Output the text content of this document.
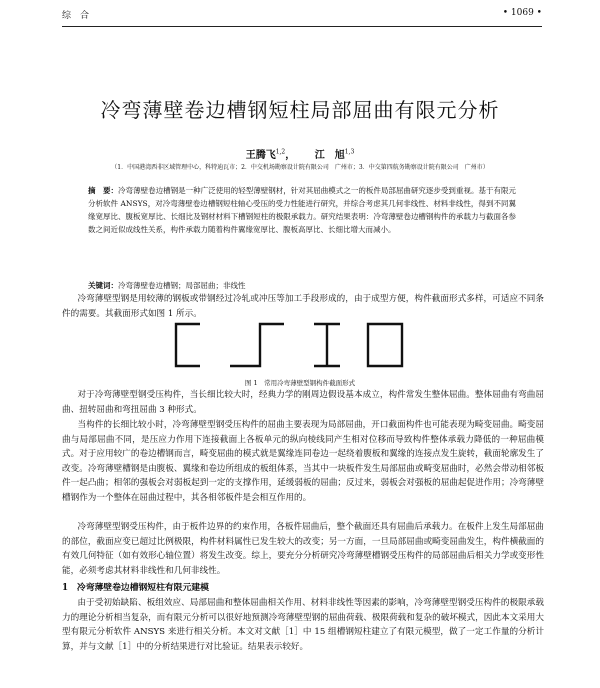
综合	• 1069 •
冷弯薄壁卷边槽钢短柱局部屈曲有限元分析
王腾飞$^{1,2}$， 江　旭$^{1,3}$
（1．中国港湾西非区域管理中心，科特迪瓦市；2．中交机场勘察设计院有限公司　广州市；3．中交第四航务勘察设计院有限公司　广州市）
摘　要：冷弯薄壁卷边槽钢是一种广泛使用的轻型薄壁钢材，针对其屈曲模式之一的板件局部屈曲研究逐步受到重视。基于有限元分析软件 ANSYS，对冷弯薄壁卷边槽钢短柱轴心受压的受力性能进行研究，并综合考虑其几何非线性、材料非线性，得到不同翼缘宽厚比、腹板宽厚比、长细比及钢材材料下槽钢短柱的极限承载力。研究结果表明：冷弯薄壁卷边槽钢构件的承载力与截面各参数之间近似成线性关系，构件承载力随着构件翼缘宽厚比、腹板高厚比、长细比增大而减小。
关键词：冷弯薄壁卷边槽钢；局部屈曲；非线性

冷弯薄壁型钢是用较薄的钢板或带钢经过冷轧或冲压等加工手段形成的，由于成型方便，构件截面形式多样，可适应不同条件的需要。其截面形式如图 1 所示。

图 1　常用冷弯薄壁型钢构件截面形式

对于冷弯薄壁型钢受压构件，当长细比较大时，经典力学的刚周边假设基本成立，构件常发生整体屈曲。整体屈曲有弯曲屈曲、扭转屈曲和弯扭屈曲 3 种形式。

当构件的长细比较小时，冷弯薄壁型钢受压构件的屈曲主要表现为局部屈曲，开口截面构件也可能表现为畸变屈曲。畸变屈曲与局部屈曲不同，是压应力作用下连接截面上各板单元的纵向棱线同产生相对位移而导致构件整体承载力降低的一种屈曲模式。对于应用较广的卷边槽钢而言，畸变屈曲的模式就是翼缘连同卷边一起绕着腹板和翼缘的连接点发生旋转，截面轮廓发生了改变。冷弯薄壁槽钢是由腹板、翼缘和卷边所组成的板组体系，当其中一块板件发生局部屈曲或畸变屈曲时，必然会带动相邻板件一起凸曲；相邻的强板会对弱板起到一定的支撑作用，延缓弱板的屈曲；反过来，弱板会对强板的屈曲起促进作用；冷弯薄壁槽钢作为一个整体在屈曲过程中，其各相邻板件是会相互作用的。

冷弯薄壁型钢受压构件，由于板件边界的约束作用，各板件屈曲后，整个截面还具有屈曲后承载力。在板件上发生局部屈曲的部位，截面应变已超过比例极限，构件材料属性已发生较大的改变；另一方面，一旦局部屈曲或畸变屈曲发生，构件横截面的有效几何特征（如有效形心轴位置）将发生改变。综上，要充分分析研究冷弯薄壁槽钢受压构件的局部屈曲后相关力学或变形性能，必须考虑其材料非线性和几何非线性。

1　冷弯薄壁卷边槽钢短柱有限元建模

由于受初始缺陷、板组效应、局部屈曲和整体屈曲相关作用、材料非线性等因素的影响，冷弯薄壁型钢受压构件的极限承载力的理论分析相当复杂，而有限元分析可以很好地预测冷弯薄壁型钢的屈曲荷载、极限荷载和复杂的破坏模式，因此本文采用大型有限元分析软件 ANSYS 来进行相关分析。本文对文献［1］中 15 组槽钢短柱建立了有限元模型，做了一定工作量的分析计算，并与文献［1］中的分析结果进行对比验证。结果表示较好。
